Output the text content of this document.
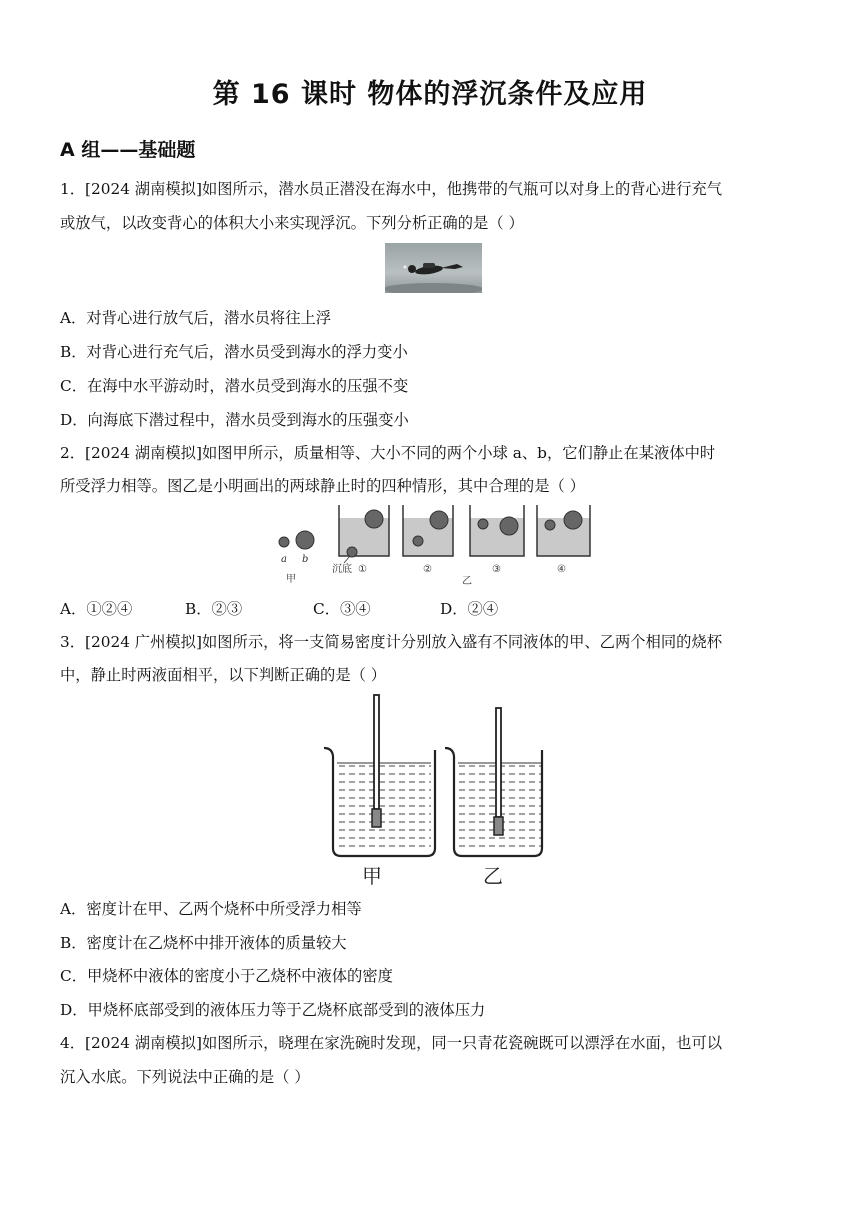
第 16 课时 物体的浮沉条件及应用
A 组——基础题
1．[2024 湖南模拟]如图所示，潜水员正潜没在海水中，他携带的气瓶可以对身上的背心进行充气
或放气，以改变背心的体积大小来实现浮沉。下列分析正确的是（ ）
A．对背心进行放气后，潜水员将往上浮
B．对背心进行充气后，潜水员受到海水的浮力变小
C．在海中水平游动时，潜水员受到海水的压强不变
D．向海底下潜过程中，潜水员受到海水的压强变小
2．[2024 湖南模拟]如图甲所示，质量相等、大小不同的两个小球 a、b，它们静止在某液体中时
所受浮力相等。图乙是小明画出的两球静止时的四种情形，其中合理的是（ ）
a b
甲
沉底 ①	②	③
乙
④
A．①②④	B．②③	C．③④	D．②④
3．[2024 广州模拟]如图所示，将一支简易密度计分别放入盛有不同液体的甲、乙两个相同的烧杯
中，静止时两液面相平，以下判断正确的是（ ）
甲	乙
A．密度计在甲、乙两个烧杯中所受浮力相等
B．密度计在乙烧杯中排开液体的质量较大
C．甲烧杯中液体的密度小于乙烧杯中液体的密度
D．甲烧杯底部受到的液体压力等于乙烧杯底部受到的液体压力
4．[2024 湖南模拟]如图所示，晓理在家洗碗时发现，同一只青花瓷碗既可以漂浮在水面，也可以
沉入水底。下列说法中正确的是（ ）
